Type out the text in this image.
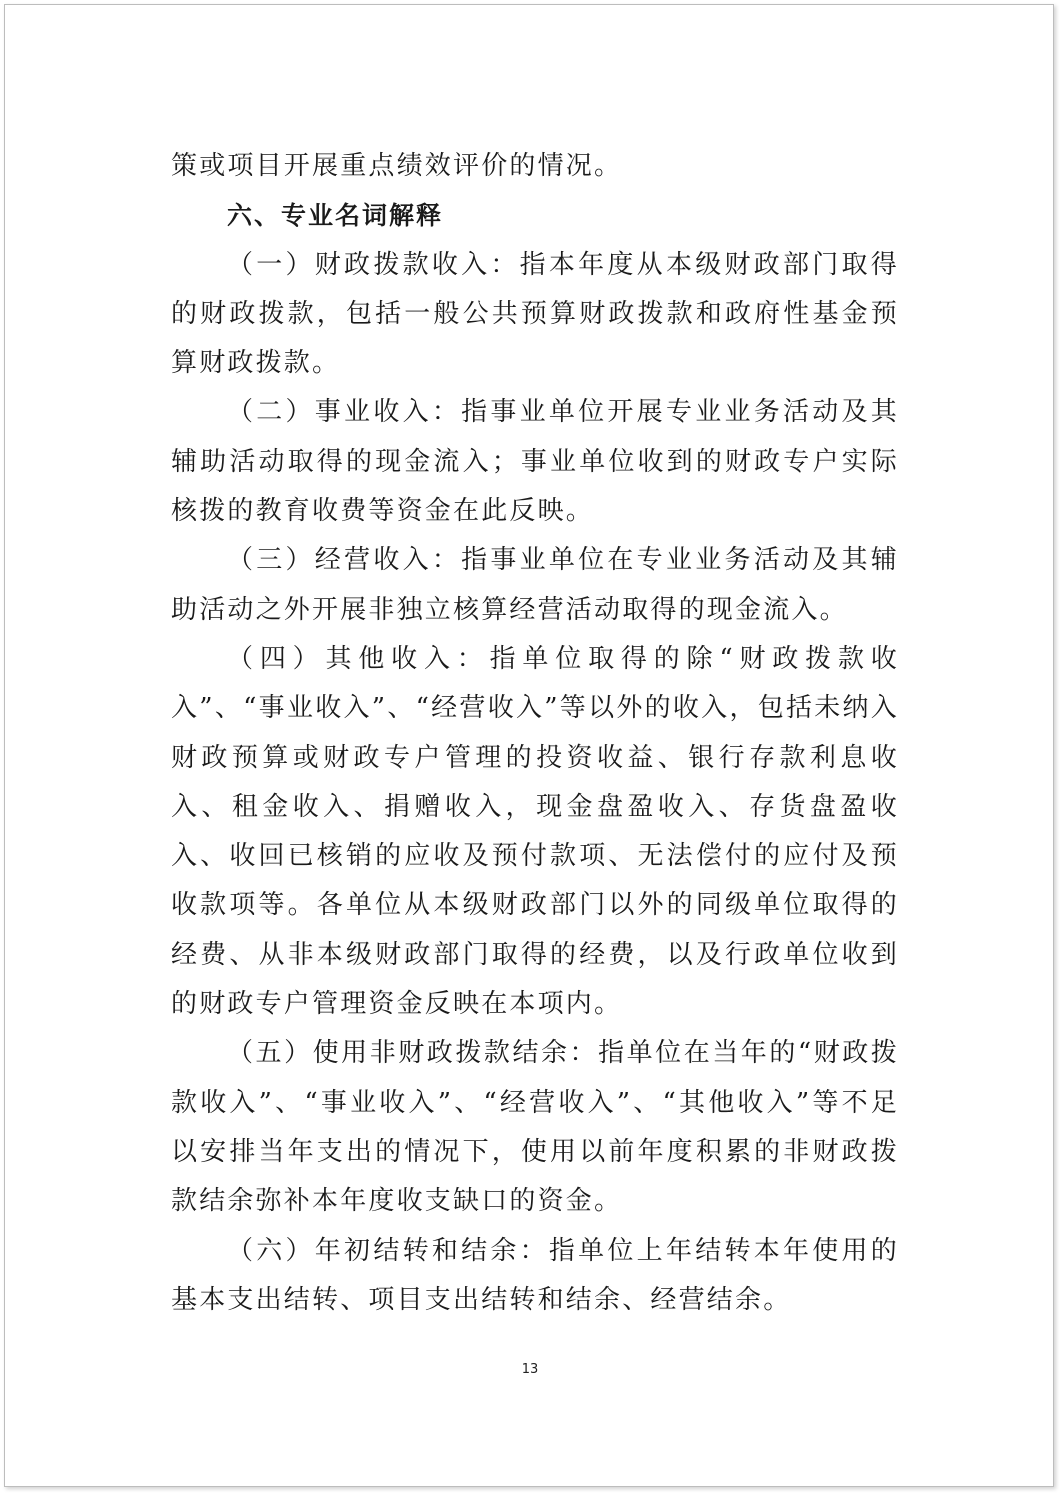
策或项目开展重点绩效评价的情况。

六、专业名词解释

（一）财政拨款收入：指本年度从本级财政部门取得的财政拨款，包括一般公共预算财政拨款和政府性基金预算财政拨款。

（二）事业收入：指事业单位开展专业业务活动及其辅助活动取得的现金流入；事业单位收到的财政专户实际核拨的教育收费等资金在此反映。

（三）经营收入：指事业单位在专业业务活动及其辅助活动之外开展非独立核算经营活动取得的现金流入。

（四）其他收入：指单位取得的除“财政拨款收入”、“事业收入”、“经营收入”等以外的收入，包括未纳入财政预算或财政专户管理的投资收益、银行存款利息收入、租金收入、捐赠收入，现金盘盈收入、存货盘盈收入、收回已核销的应收及预付款项、无法偿付的应付及预收款项等。各单位从本级财政部门以外的同级单位取得的经费、从非本级财政部门取得的经费，以及行政单位收到的财政专户管理资金反映在本项内。

（五）使用非财政拨款结余：指单位在当年的“财政拨款收入”、“事业收入”、“经营收入”、“其他收入”等不足以安排当年支出的情况下，使用以前年度积累的非财政拨款结余弥补本年度收支缺口的资金。

（六）年初结转和结余：指单位上年结转本年使用的基本支出结转、项目支出结转和结余、经营结余。

13
